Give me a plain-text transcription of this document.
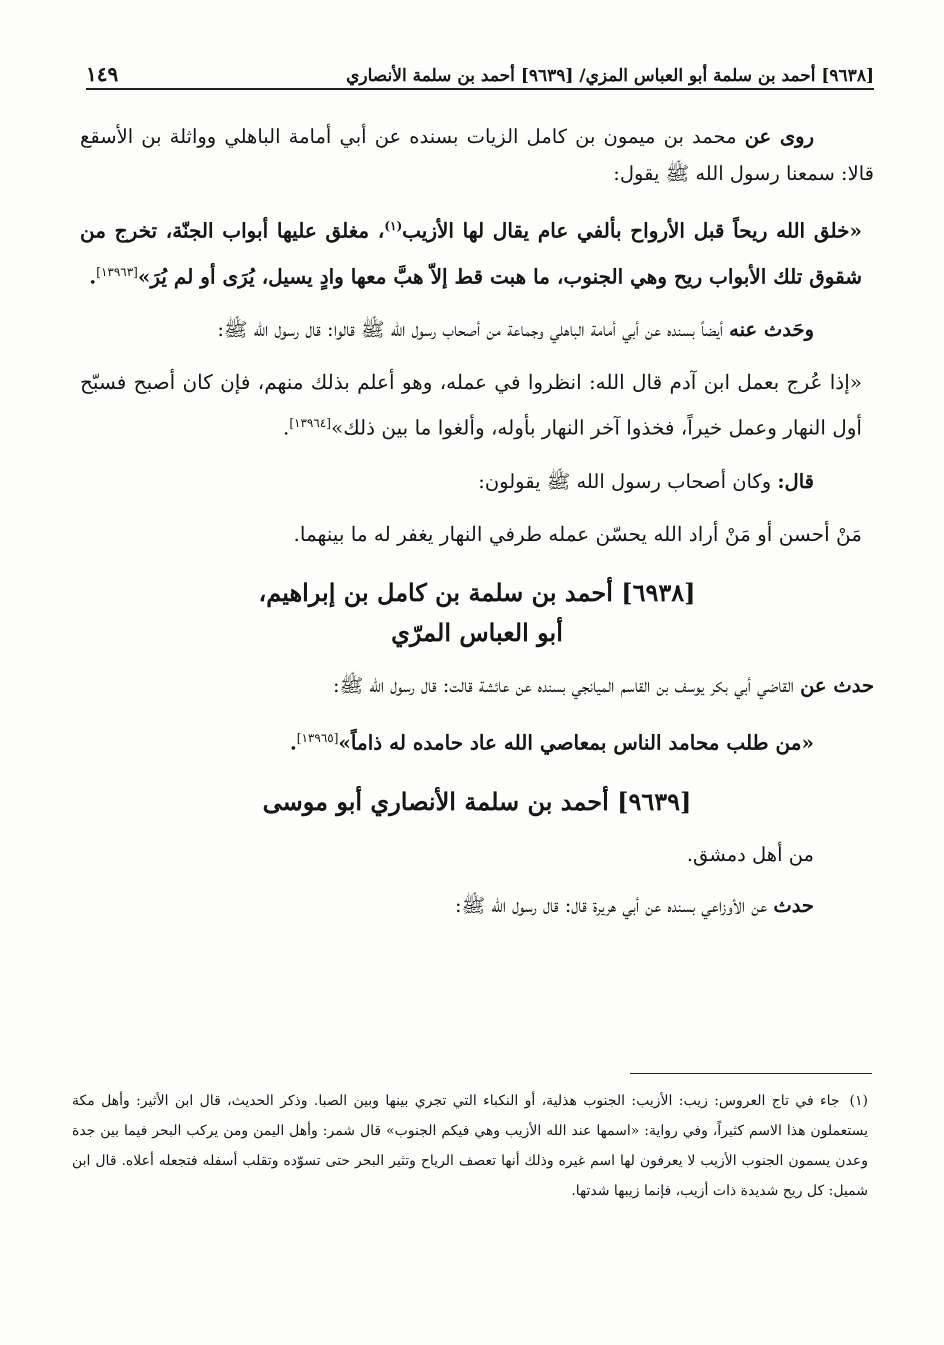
[٩٦٣٨] أحمد بن سلمة أبو العباس المزي/ [٩٦٣٩] أحمد بن سلمة الأنصاري
١٤٩

روى عن محمد بن ميمون بن كامل الزيات بسنده عن أبي أمامة الباهلي وواثلة بن الأسقع قالا: سمعنا رسول الله ﷺ يقول:

«خلق الله ريحاً قبل الأرواح بألفي عام يقال لها الأزيب$^{(١)}$، مغلق عليها أبواب الجنّة، تخرج من شقوق تلك الأبواب ريح وهي الجنوب، ما هبت قط إلاّ هبَّ معها وادٍ يسيل، يُرَى أو لم يُرَ»[١٣٩٦٣].

وحَدث عنه أيضاً بسنده عن أبي أمامة الباهلي وجماعة من أصحاب رسول الله ﷺ قالوا: قال رسول الله ﷺ:

«إذا عُرج بعمل ابن آدم قال الله: انظروا في عمله، وهو أعلم بذلك منهم، فإن كان أصبح فسبّح أول النهار وعمل خيراً، فخذوا آخر النهار بأوله، وألغوا ما بين ذلك»[١٣٩٦٤].

قال: وكان أصحاب رسول الله ﷺ يقولون:

مَنْ أحسن أو مَنْ أراد الله يحسّن عمله طرفي النهار يغفر له ما بينهما.

[٦٩٣٨] أحمد بن سلمة بن كامل بن إبراهيم،
أبو العباس المرّي

حدث عن القاضي أبي بكر يوسف بن القاسم الميانجي بسنده عن عائشة قالت: قال رسول الله ﷺ:

«من طلب محامد الناس بمعاصي الله عاد حامده له ذاماً»[١٣٩٦٥].

[٩٦٣٩] أحمد بن سلمة الأنصاري أبو موسى

من أهل دمشق.

حدث عن الأوزاعي بسنده عن أبي هريرة قال: قال رسول الله ﷺ:

(١)جاء في تاج العروس: زيب: الأزيب: الجنوب هذلية، أو النكباء التي تجري بينها وبين الصبا. وذكر الحديث، قال ابن الأثير: وأهل مكة يستعملون هذا الاسم كثيراً، وفي رواية: «اسمها عند الله الأزيب وهي فيكم الجنوب» قال شمر: وأهل اليمن ومن يركب البحر فيما بين جدة وعدن يسمون الجنوب الأزيب لا يعرفون لها اسم غيره وذلك أنها تعصف الرياح وتثير البحر حتى تسوّده وتقلب أسفله فتجعله أعلاه. قال ابن شميل: كل ريح شديدة ذات أزيب، فإنما زيبها شدتها.
